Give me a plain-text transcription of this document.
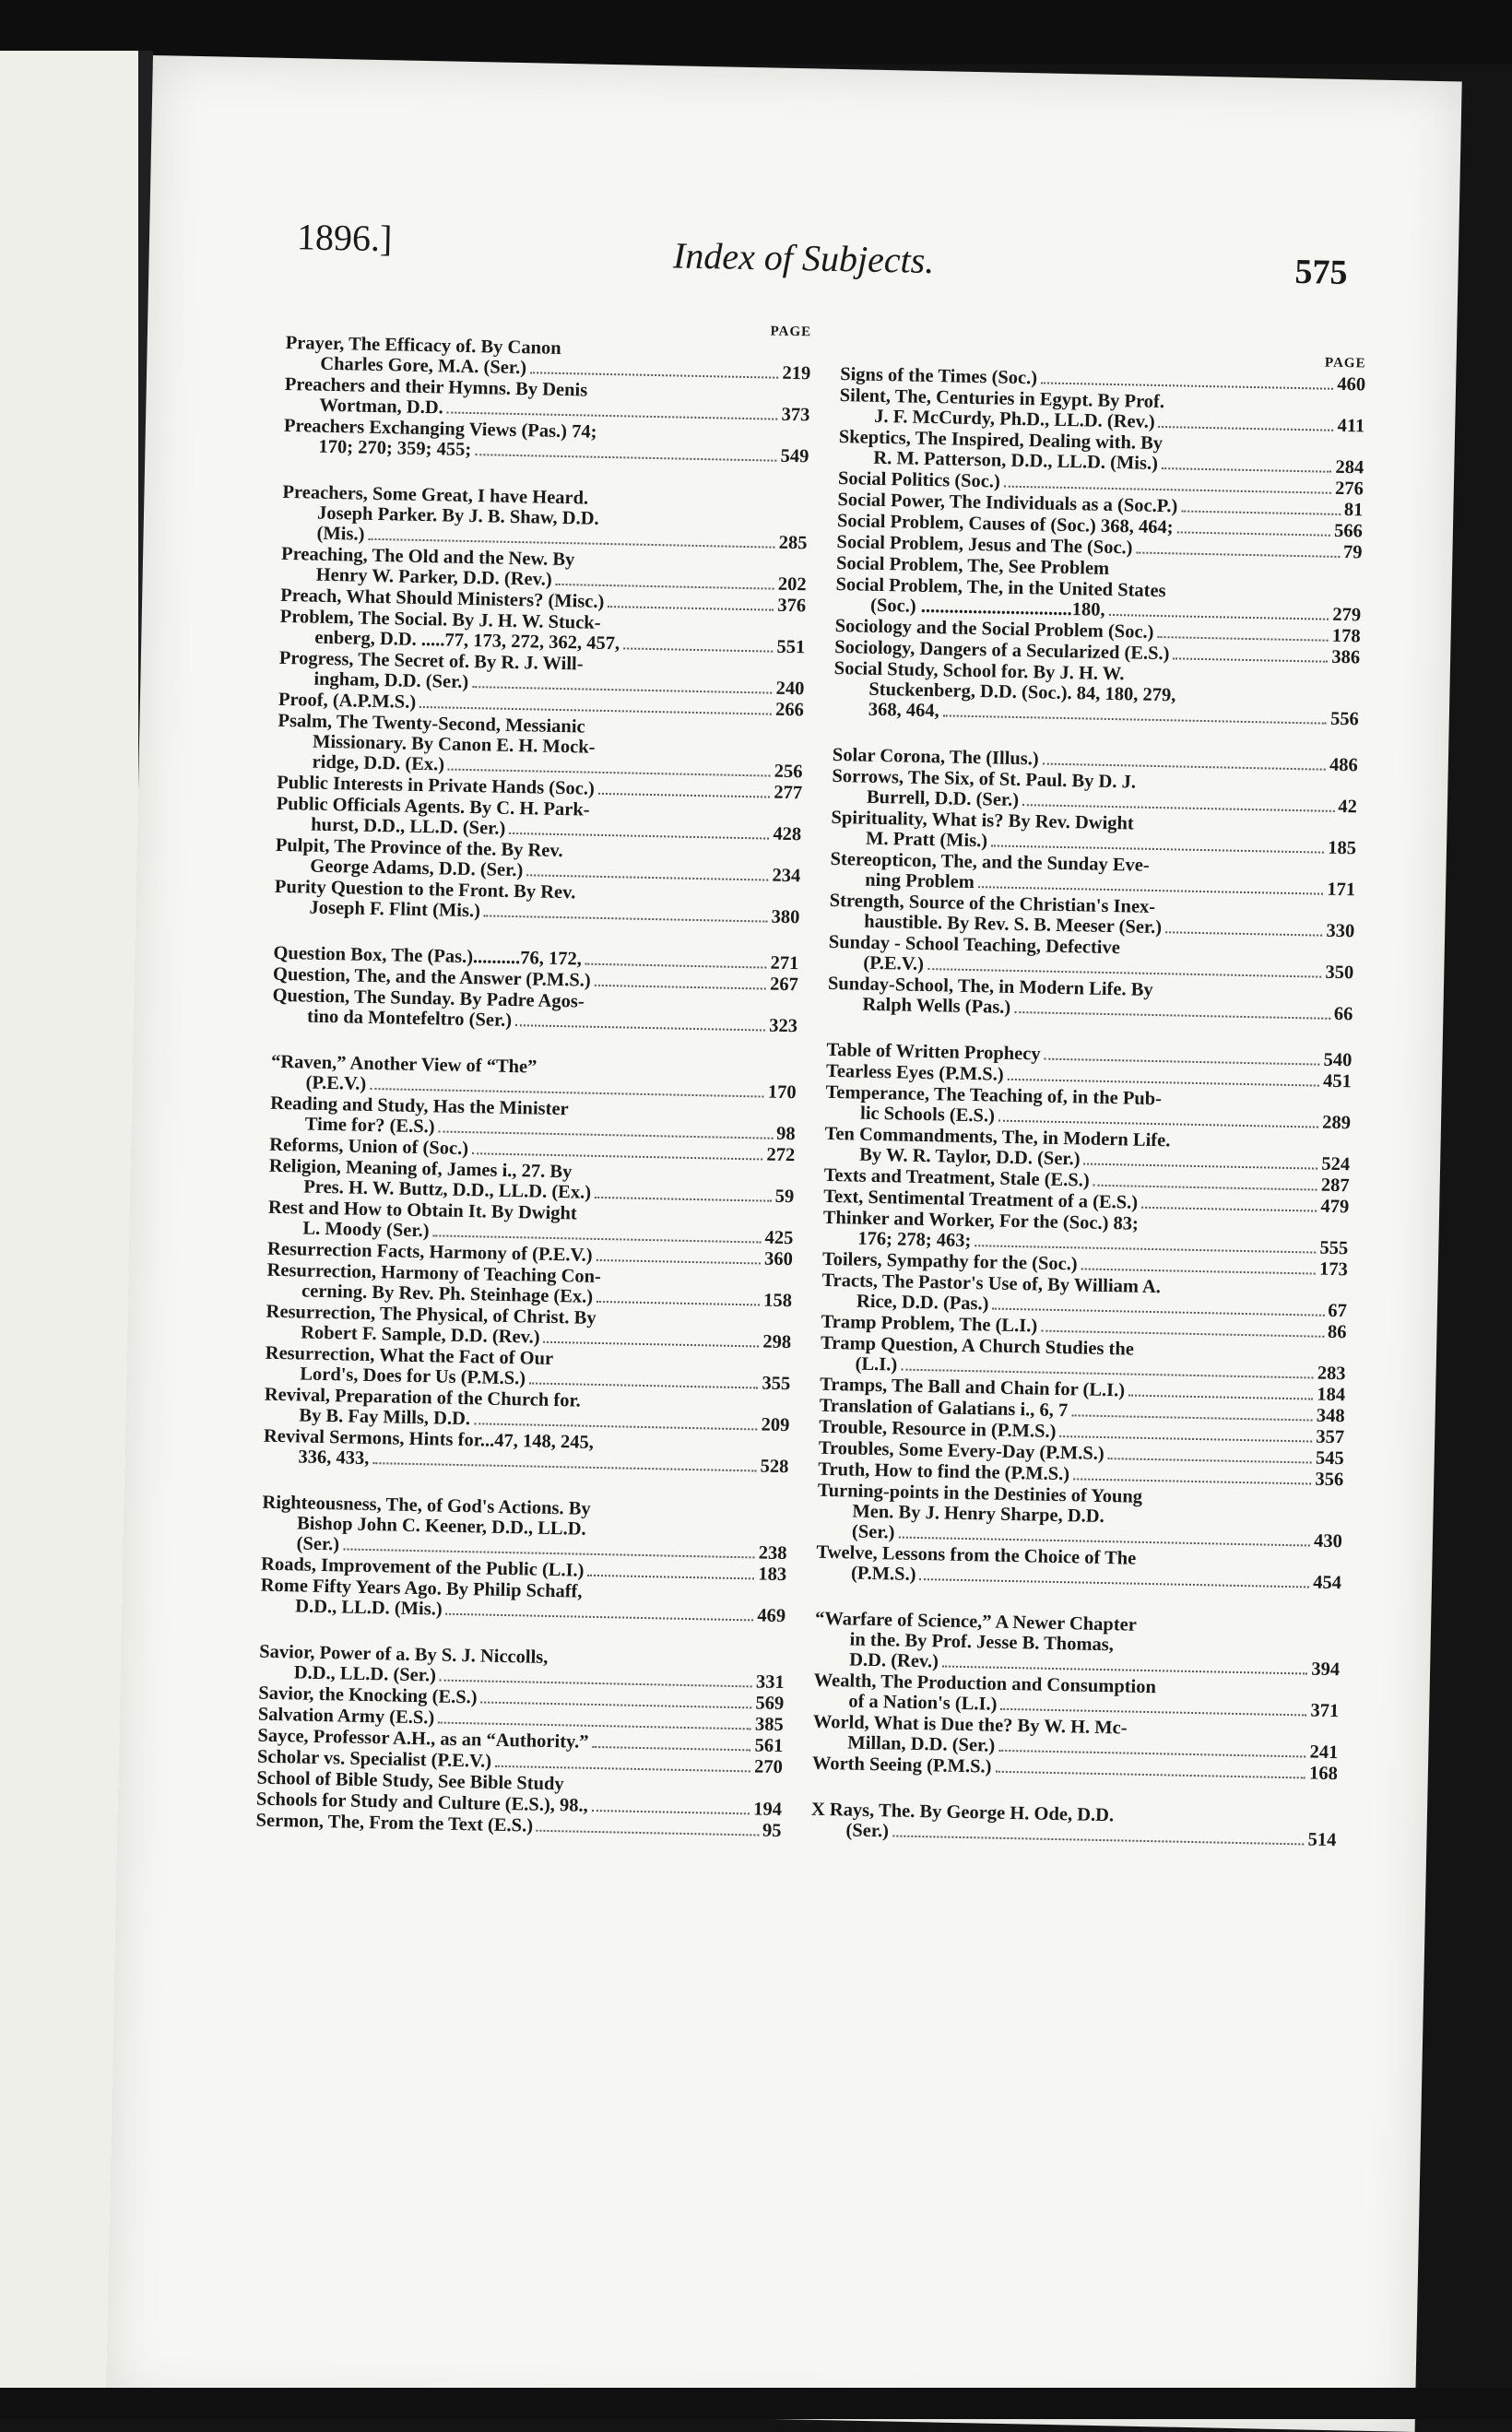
1896.]	Index of Subjects.	575
PAGE
Prayer, The Efficacy of. By Canon
Charles Gore, M.A. (Ser.)	219
Preachers and their Hymns. By Denis
Wortman, D.D.	373
Preachers Exchanging Views (Pas.) 74;
170; 270; 359; 455;	549
Preachers, Some Great, I have Heard.
Joseph Parker. By J. B. Shaw, D.D.
(Mis.)	285
Preaching, The Old and the New. By
Henry W. Parker, D.D. (Rev.)	202
Preach, What Should Ministers? (Misc.)	376
Problem, The Social. By J. H. W. Stuck-
enberg, D.D. .....77, 173, 272, 362, 457,	551
Progress, The Secret of. By R. J. Will-
ingham, D.D. (Ser.)	240
Proof, (A.P.M.S.)	266
Psalm, The Twenty-Second, Messianic
Missionary. By Canon E. H. Mock-
ridge, D.D. (Ex.)	256
Public Interests in Private Hands (Soc.)	277
Public Officials Agents. By C. H. Park-
hurst, D.D., LL.D. (Ser.)	428
Pulpit, The Province of the. By Rev.
George Adams, D.D. (Ser.)	234
Purity Question to the Front. By Rev.
Joseph F. Flint (Mis.)	380
Question Box, The (Pas.)..........76, 172,	271
Question, The, and the Answer (P.M.S.)	267
Question, The Sunday. By Padre Agos-
tino da Montefeltro (Ser.)	323
“Raven,” Another View of “The”
(P.E.V.)	170
Reading and Study, Has the Minister
Time for? (E.S.)	98
Reforms, Union of (Soc.)	272
Religion, Meaning of, James i., 27. By
Pres. H. W. Buttz, D.D., LL.D. (Ex.)	59
Rest and How to Obtain It. By Dwight
L. Moody (Ser.)	425
Resurrection Facts, Harmony of (P.E.V.)	360
Resurrection, Harmony of Teaching Con-
cerning. By Rev. Ph. Steinhage (Ex.)	158
Resurrection, The Physical, of Christ. By
Robert F. Sample, D.D. (Rev.)	298
Resurrection, What the Fact of Our
Lord's, Does for Us (P.M.S.)	355
Revival, Preparation of the Church for.
By B. Fay Mills, D.D.	209
Revival Sermons, Hints for...47, 148, 245,
336, 433,	528
Righteousness, The, of God's Actions. By
Bishop John C. Keener, D.D., LL.D.
(Ser.)	238
Roads, Improvement of the Public (L.I.)	183
Rome Fifty Years Ago. By Philip Schaff,
D.D., LL.D. (Mis.)	469
Savior, Power of a. By S. J. Niccolls,
D.D., LL.D. (Ser.)	331
Savior, the Knocking (E.S.)	569
Salvation Army (E.S.)	385
Sayce, Professor A.H., as an “Authority.”	561
Scholar vs. Specialist (P.E.V.)	270
School of Bible Study, See Bible Study
Schools for Study and Culture (E.S.), 98.,	194
Sermon, The, From the Text (E.S.)	95
PAGE
Signs of the Times (Soc.)	460
Silent, The, Centuries in Egypt. By Prof.
J. F. McCurdy, Ph.D., LL.D. (Rev.)	411
Skeptics, The Inspired, Dealing with. By
R. M. Patterson, D.D., LL.D. (Mis.)	284
Social Politics (Soc.)	276
Social Power, The Individuals as a (Soc.P.)	81
Social Problem, Causes of (Soc.) 368, 464;	566
Social Problem, Jesus and The (Soc.)	79
Social Problem, The, See Problem
Social Problem, The, in the United States
(Soc.) ................................180,	279
Sociology and the Social Problem (Soc.)	178
Sociology, Dangers of a Secularized (E.S.)	386
Social Study, School for. By J. H. W.
Stuckenberg, D.D. (Soc.). 84, 180, 279,
368, 464,	556
Solar Corona, The (Illus.)	486
Sorrows, The Six, of St. Paul. By D. J.
Burrell, D.D. (Ser.)	42
Spirituality, What is? By Rev. Dwight
M. Pratt (Mis.)	185
Stereopticon, The, and the Sunday Eve-
ning Problem	171
Strength, Source of the Christian's Inex-
haustible. By Rev. S. B. Meeser (Ser.)	330
Sunday - School Teaching, Defective
(P.E.V.)	350
Sunday-School, The, in Modern Life. By
Ralph Wells (Pas.)	66
Table of Written Prophecy	540
Tearless Eyes (P.M.S.)	451
Temperance, The Teaching of, in the Pub-
lic Schools (E.S.)	289
Ten Commandments, The, in Modern Life.
By W. R. Taylor, D.D. (Ser.)	524
Texts and Treatment, Stale (E.S.)	287
Text, Sentimental Treatment of a (E.S.)	479
Thinker and Worker, For the (Soc.) 83;
176; 278; 463;	555
Toilers, Sympathy for the (Soc.)	173
Tracts, The Pastor's Use of, By William A.
Rice, D.D. (Pas.)	67
Tramp Problem, The (L.I.)	86
Tramp Question, A Church Studies the
(L.I.)	283
Tramps, The Ball and Chain for (L.I.)	184
Translation of Galatians i., 6, 7	348
Trouble, Resource in (P.M.S.)	357
Troubles, Some Every-Day (P.M.S.)	545
Truth, How to find the (P.M.S.)	356
Turning-points in the Destinies of Young
Men. By J. Henry Sharpe, D.D.
(Ser.)	430
Twelve, Lessons from the Choice of The
(P.M.S.)	454
“Warfare of Science,” A Newer Chapter
in the. By Prof. Jesse B. Thomas,
D.D. (Rev.)	394
Wealth, The Production and Consumption
of a Nation's (L.I.)	371
World, What is Due the? By W. H. Mc-
Millan, D.D. (Ser.)	241
Worth Seeing (P.M.S.)	168
X Rays, The. By George H. Ode, D.D.
(Ser.)	514
